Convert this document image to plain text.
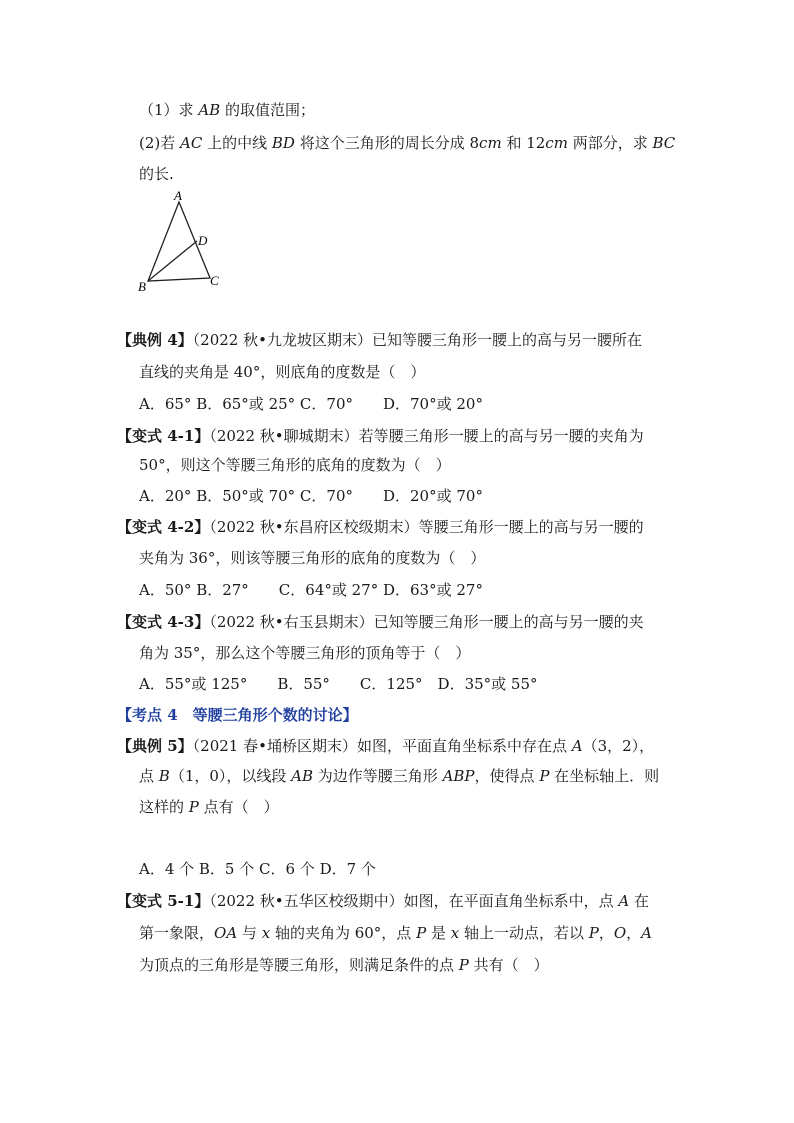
（1）求 AB 的取值范围；
(2)若 AC 上的中线 BD 将这个三角形的周长分成 8cm 和 12cm 两部分，求 BC
的长.
A
D
B	C
【典例 4】（2022 秋•九龙坡区期末）已知等腰三角形一腰上的高与另一腰所在
直线的夹角是 40°，则底角的度数是（　）
A．65° B．65°或 25° C．70°　　D．70°或 20°
【变式 4-1】（2022 秋•聊城期末）若等腰三角形一腰上的高与另一腰的夹角为
50°，则这个等腰三角形的底角的度数为（　）
A．20° B．50°或 70° C．70°　　D．20°或 70°
【变式 4-2】（2022 秋•东昌府区校级期末）等腰三角形一腰上的高与另一腰的
夹角为 36°，则该等腰三角形的底角的度数为（　）
A．50° B．27°　　C．64°或 27° D．63°或 27°
【变式 4-3】（2022 秋•右玉县期末）已知等腰三角形一腰上的高与另一腰的夹
角为 35°，那么这个等腰三角形的顶角等于（　）
A．55°或 125°　　B．55°　　C．125°　D．35°或 55°
【考点 4　等腰三角形个数的讨论】
【典例 5】（2021 春•埇桥区期末）如图，平面直角坐标系中存在点 A（3，2），
点 B（1，0），以线段 AB 为边作等腰三角形 ABP，使得点 P 在坐标轴上．则
这样的 P 点有（　）
A．4 个 B．5 个 C．6 个 D．7 个
【变式 5-1】（2022 秋•五华区校级期中）如图，在平面直角坐标系中，点 A 在
第一象限，OA 与 x 轴的夹角为 60°，点 P 是 x 轴上一动点，若以 P，O，A
为顶点的三角形是等腰三角形，则满足条件的点 P 共有（　）
